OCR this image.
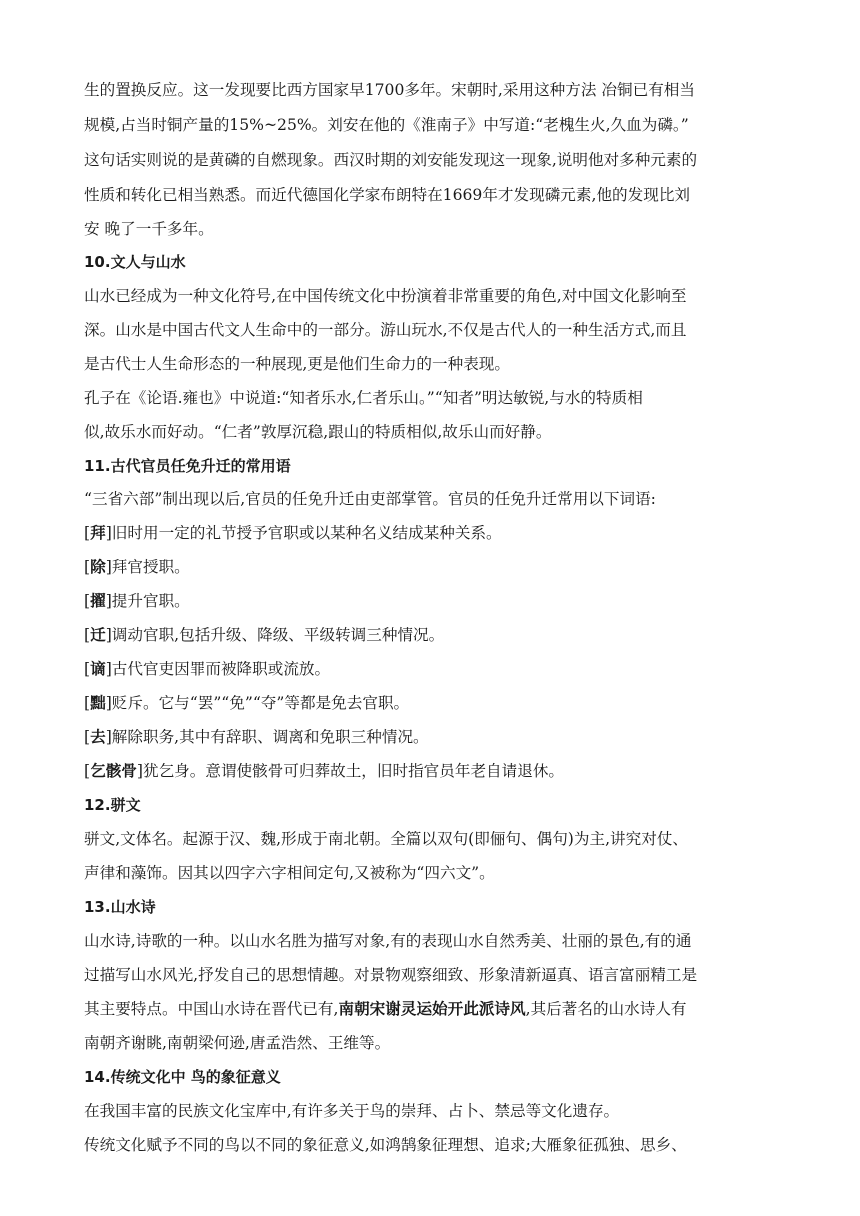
生的置换反应。这一发现要比西方国家早1700多年。宋朝时,采用这种方法 冶铜已有相当

规模,占当时铜产量的15%~25%。刘安在他的《淮南子》中写道:“老槐生火,久血为磷。”

这句话实则说的是黄磷的自燃现象。西汉时期的刘安能发现这一现象,说明他对多种元素的

性质和转化已相当熟悉。而近代德国化学家布朗特在1669年才发现磷元素,他的发现比刘

安 晚了一千多年。

10.文人与山水

山水已经成为一种文化符号,在中国传统文化中扮演着非常重要的角色,对中国文化影响至

深。山水是中国古代文人生命中的一部分。游山玩水,不仅是古代人的一种生活方式,而且

是古代士人生命形态的一种展现,更是他们生命力的一种表现。

孔子在《论语.雍也》中说道:“知者乐水,仁者乐山。”“知者”明达敏锐,与水的特质相

似,故乐水而好动。“仁者”敦厚沉稳,跟山的特质相似,故乐山而好静。

11.古代官员任免升迁的常用语

“三省六部”制出现以后,官员的任免升迁由吏部掌管。官员的任免升迁常用以下词语:

[拜]旧时用一定的礼节授予官职或以某种名义结成某种关系。

[除]拜官授职。

[擢]提升官职。

[迁]调动官职,包括升级、降级、平级转调三种情况。

[谪]古代官吏因罪而被降职或流放。

[黜]贬斥。它与“罢”“免”“夺”等都是免去官职。

[去]解除职务,其中有辞职、调离和免职三种情况。

[乞骸骨]犹乞身。意谓使骸骨可归葬故土，旧时指官员年老自请退休。

12.骈文

骈文,文体名。起源于汉、魏,形成于南北朝。全篇以双句(即俪句、偶句)为主,讲究对仗、

声律和藻饰。因其以四字六字相间定句,又被称为“四六文”。

13.山水诗

山水诗,诗歌的一种。以山水名胜为描写对象,有的表现山水自然秀美、壮丽的景色,有的通

过描写山水风光,抒发自己的思想情趣。对景物观察细致、形象清新逼真、语言富丽精工是

其主要特点。中国山水诗在晋代已有,南朝宋谢灵运始开此派诗风,其后著名的山水诗人有

南朝齐谢眺,南朝梁何逊,唐孟浩然、王维等。

14.传统文化中 鸟的象征意义

在我国丰富的民族文化宝库中,有许多关于鸟的崇拜、占卜、禁忌等文化遗存。

传统文化赋予不同的鸟以不同的象征意义,如鸿鹄象征理想、追求;大雁象征孤独、思乡、
